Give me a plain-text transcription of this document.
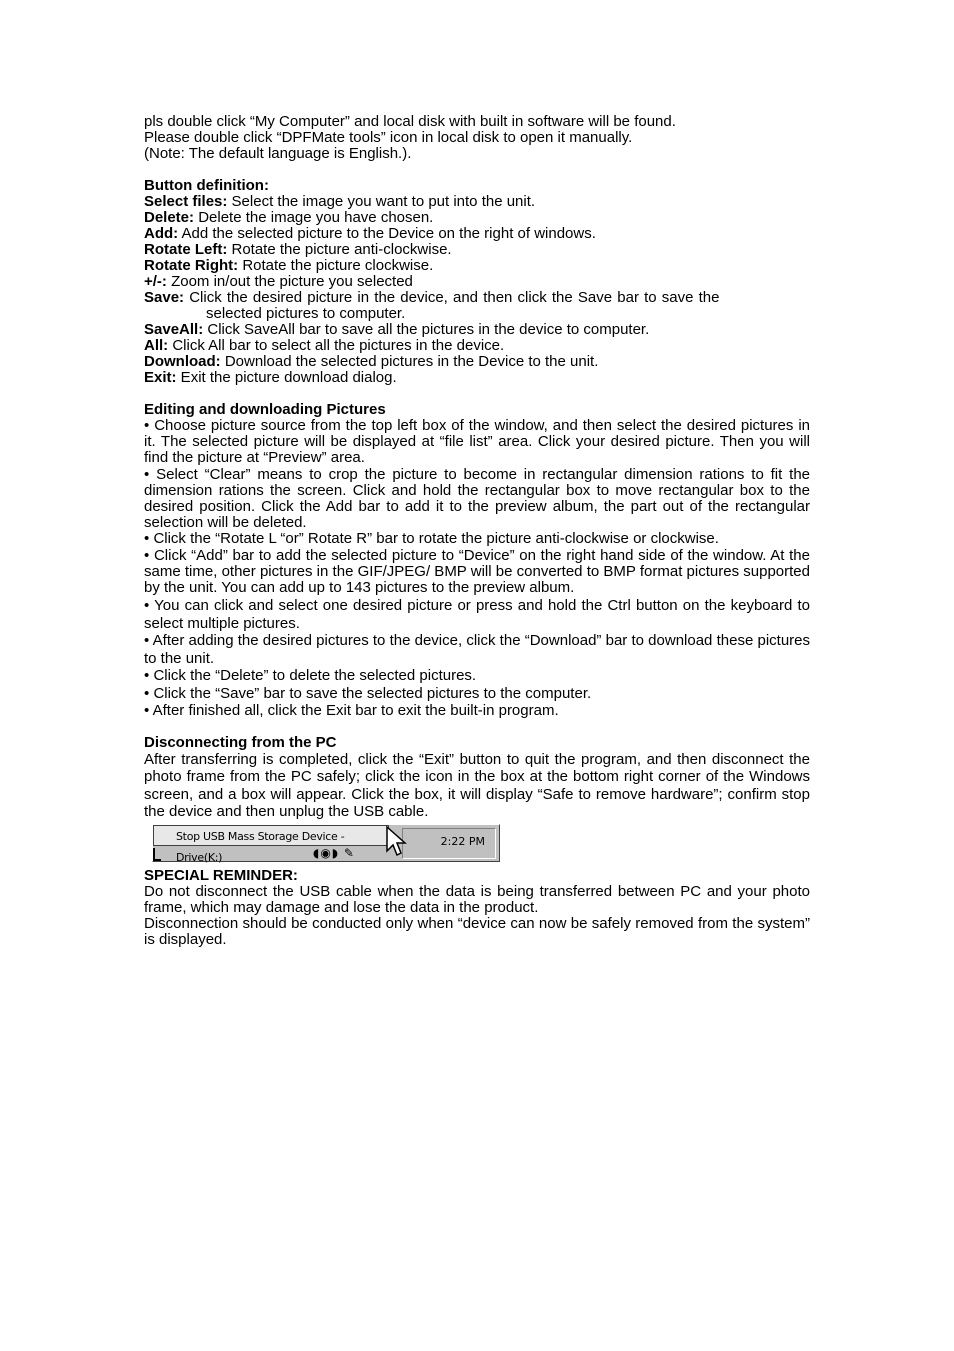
pls double click “My Computer” and local disk with built in software will be found.
Please double click “DPFMate tools” icon in local disk to open it manually.
(Note: The default language is English.).
Button definition:
Select files: Select the image you want to put into the unit.
Delete: Delete the image you have chosen.
Add: Add the selected picture to the Device on the right of windows.
Rotate Left: Rotate the picture anti-clockwise.
Rotate Right: Rotate the picture clockwise.
+/-: Zoom in/out the picture you selected
Save: Click the desired picture in the device, and then click the Save bar to save the
selected pictures to computer.
SaveAll: Click SaveAll bar to save all the pictures in the device to computer.
All: Click All bar to select all the pictures in the device.
Download: Download the selected pictures in the Device to the unit.
Exit: Exit the picture download dialog.
Editing and downloading Pictures
• Choose picture source from the top left box of the window, and then select the desired pictures in it. The selected picture will be displayed at “file list” area. Click your desired picture. Then you will find the picture at “Preview” area.
• Select “Clear” means to crop the picture to become in rectangular dimension rations to fit the dimension rations the screen. Click and hold the rectangular box to move rectangular box to the desired position. Click the Add bar to add it to the preview album, the part out of the rectangular selection will be deleted.
• Click the “Rotate L “or” Rotate R” bar to rotate the picture anti-clockwise or clockwise.
• Click “Add” bar to add the selected picture to “Device” on the right hand side of the window. At the same time, other pictures in the GIF/JPEG/ BMP will be converted to BMP format pictures supported by the unit. You can add up to 143 pictures to the preview album.
• You can click and select one desired picture or press and hold the Ctrl button on the keyboard to select multiple pictures.
• After adding the desired pictures to the device, click the “Download” bar to download these pictures to the unit.
• Click the “Delete” to delete the selected pictures.
• Click the “Save” bar to save the selected pictures to the computer.
• After finished all, click the Exit bar to exit the built-in program.
Disconnecting from the PC
After transferring is completed, click the “Exit” button to quit the program, and then disconnect the photo frame from the PC safely; click the icon in the box at the bottom right corner of the Windows screen, and a box will appear. Click the box, it will display “Safe to remove hardware”; confirm stop the device and then unplug the USB cable.
Stop USB Mass Storage Device - Drive(K:)	◖◉◗ ✎
2:22 PM
SPECIAL REMINDER:
Do not disconnect the USB cable when the data is being transferred between PC and your photo frame, which may damage and lose the data in the product.
Disconnection should be conducted only when “device can now be safely removed from the system” is displayed.
